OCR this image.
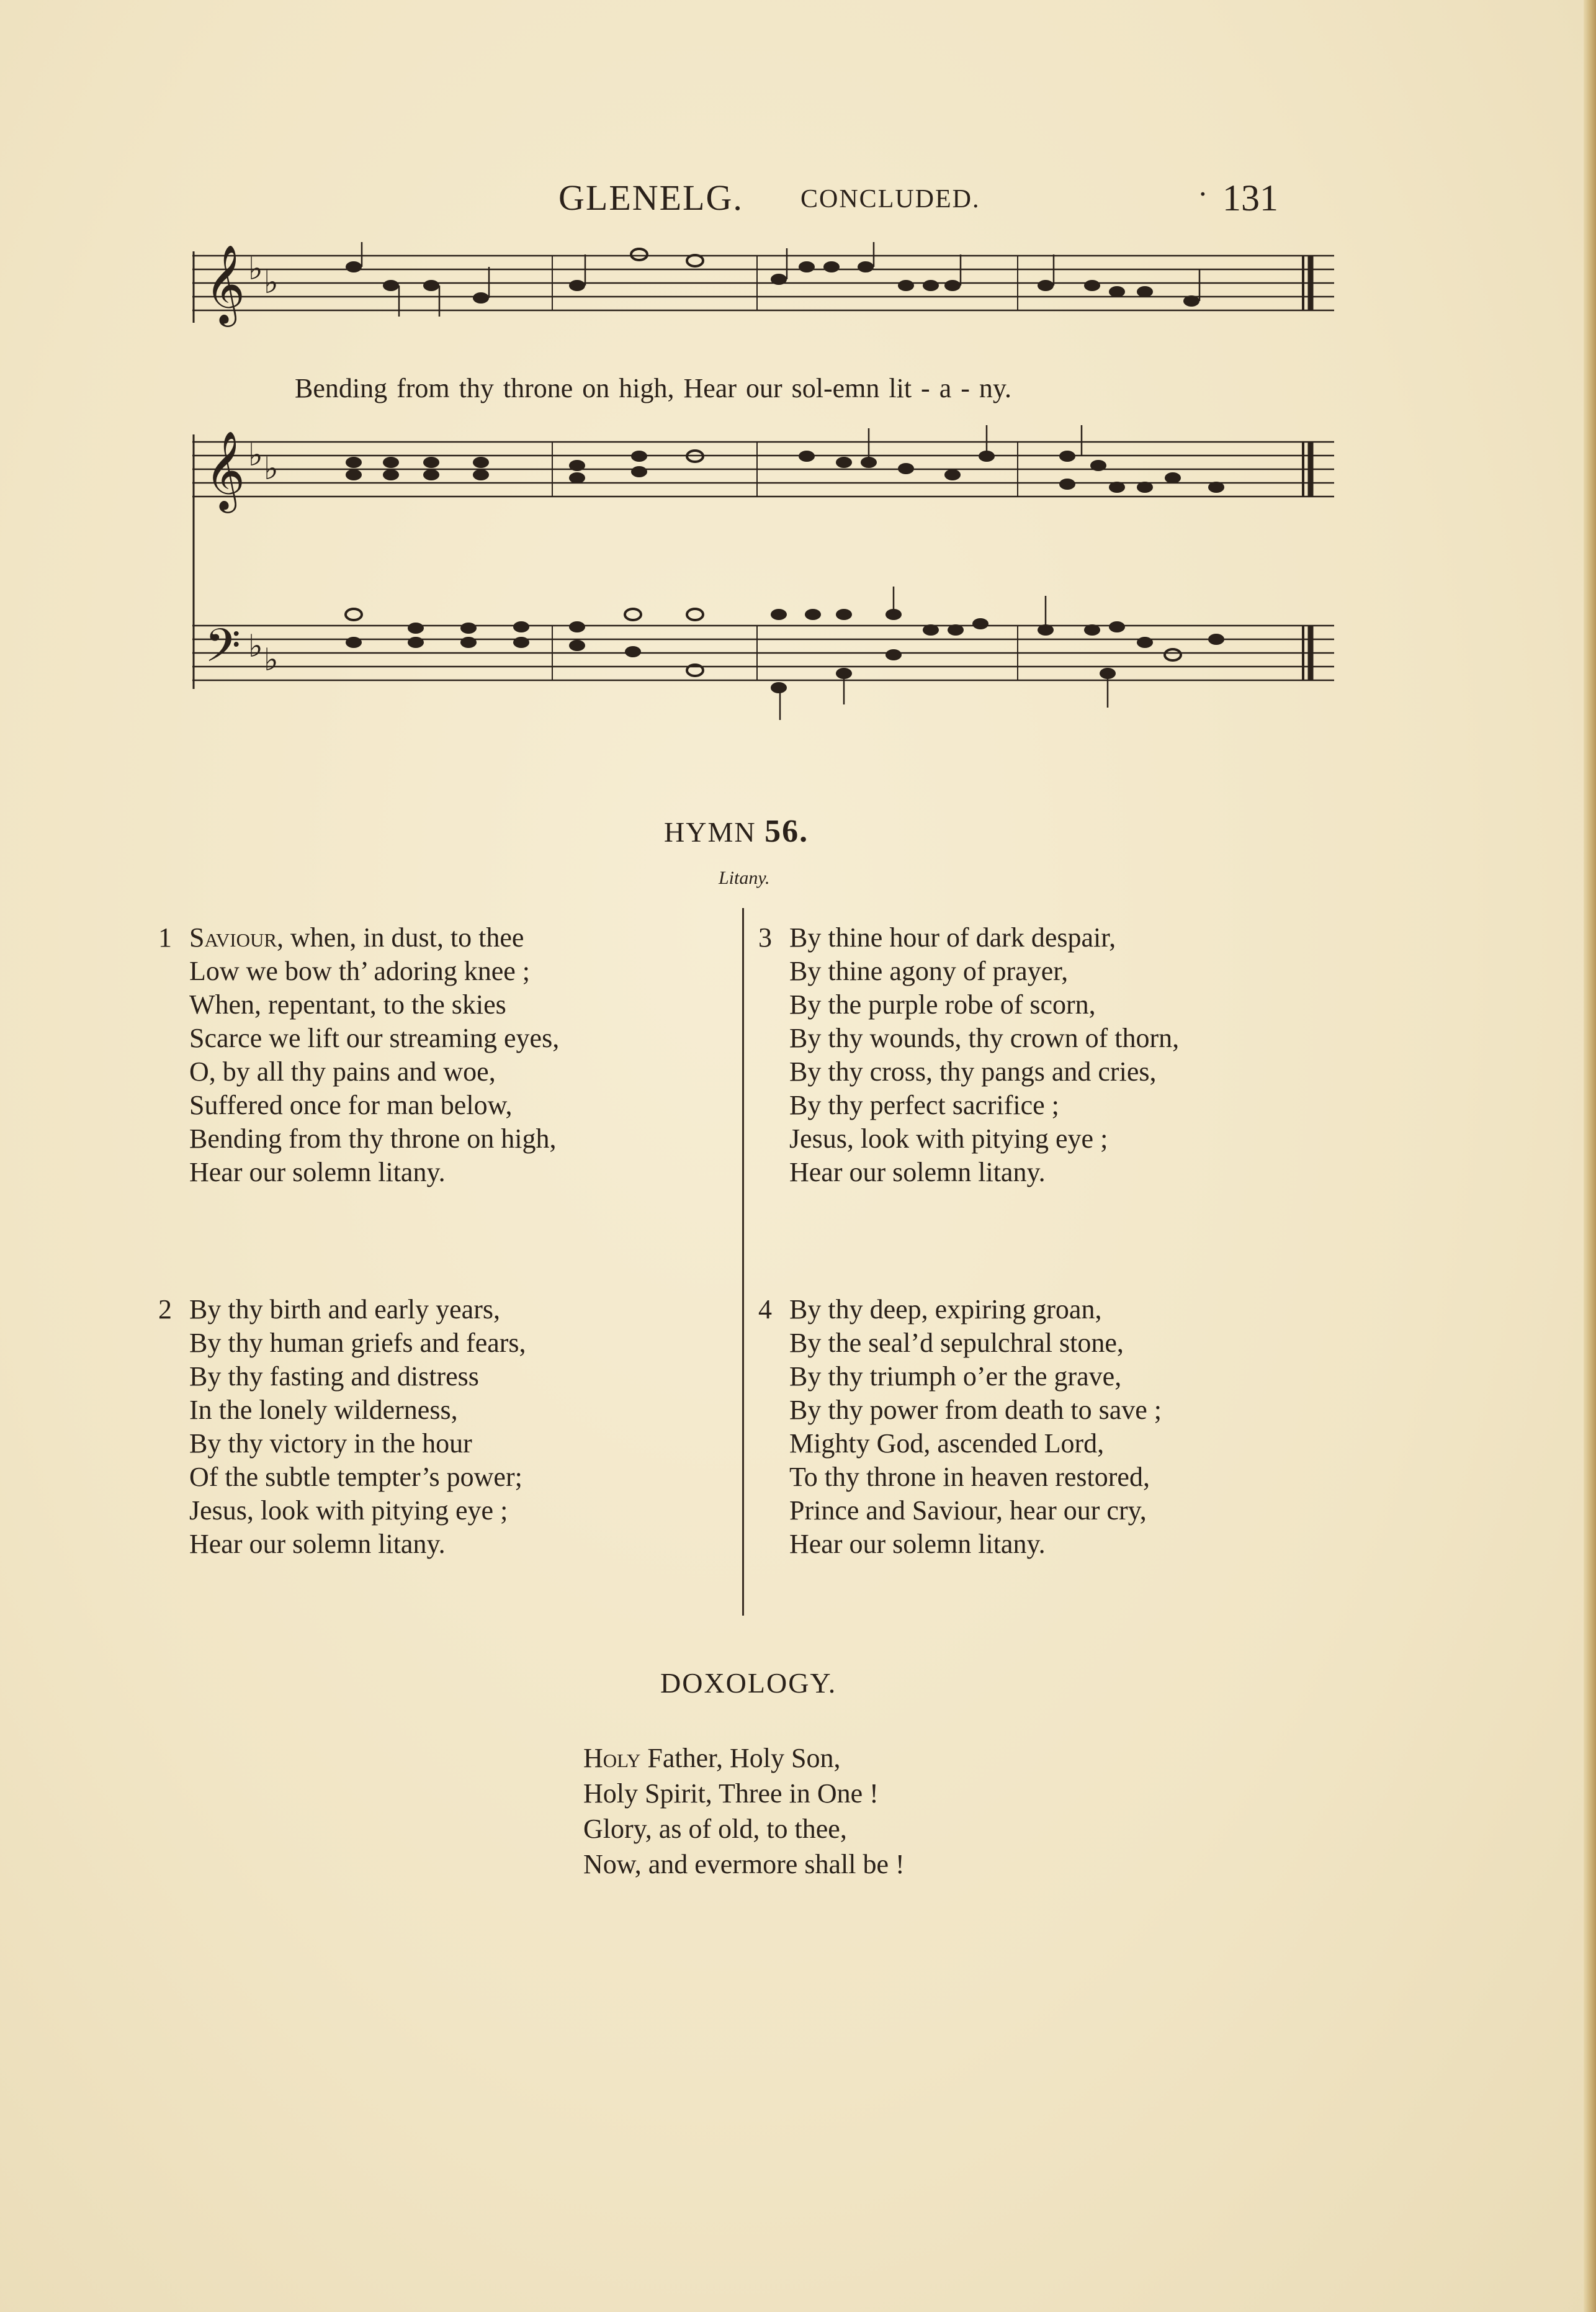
GLENELG. CONCLUDED.
·	131
𝄞
𝄞
𝄢
♭ ♭
♭ ♭
♭ ♭
Bending from thy throne on high, Hear our sol-emn lit - a - ny.
HYMN 56.
Litany.
1 Saviour, when, in dust, to thee
Low we bow th’ adoring knee ;
When, repentant, to the skies
Scarce we lift our streaming eyes,
O, by all thy pains and woe,
Suffered once for man below,
Bending from thy throne on high,
Hear our solemn litany.
2 By thy birth and early years,
By thy human griefs and fears,
By thy fasting and distress
In the lonely wilderness,
By thy victory in the hour
Of the subtle tempter’s power;
Jesus, look with pitying eye ;
Hear our solemn litany.
3 By thine hour of dark despair,
By thine agony of prayer,
By the purple robe of scorn,
By thy wounds, thy crown of thorn,
By thy cross, thy pangs and cries,
By thy perfect sacrifice ;
Jesus, look with pitying eye ;
Hear our solemn litany.
4 By thy deep, expiring groan,
By the seal’d sepulchral stone,
By thy triumph o’er the grave,
By thy power from death to save ;
Mighty God, ascended Lord,
To thy throne in heaven restored,
Prince and Saviour, hear our cry,
Hear our solemn litany.
DOXOLOGY.
Holy Father, Holy Son,
Holy Spirit, Three in One !
Glory, as of old, to thee,
Now, and evermore shall be !
